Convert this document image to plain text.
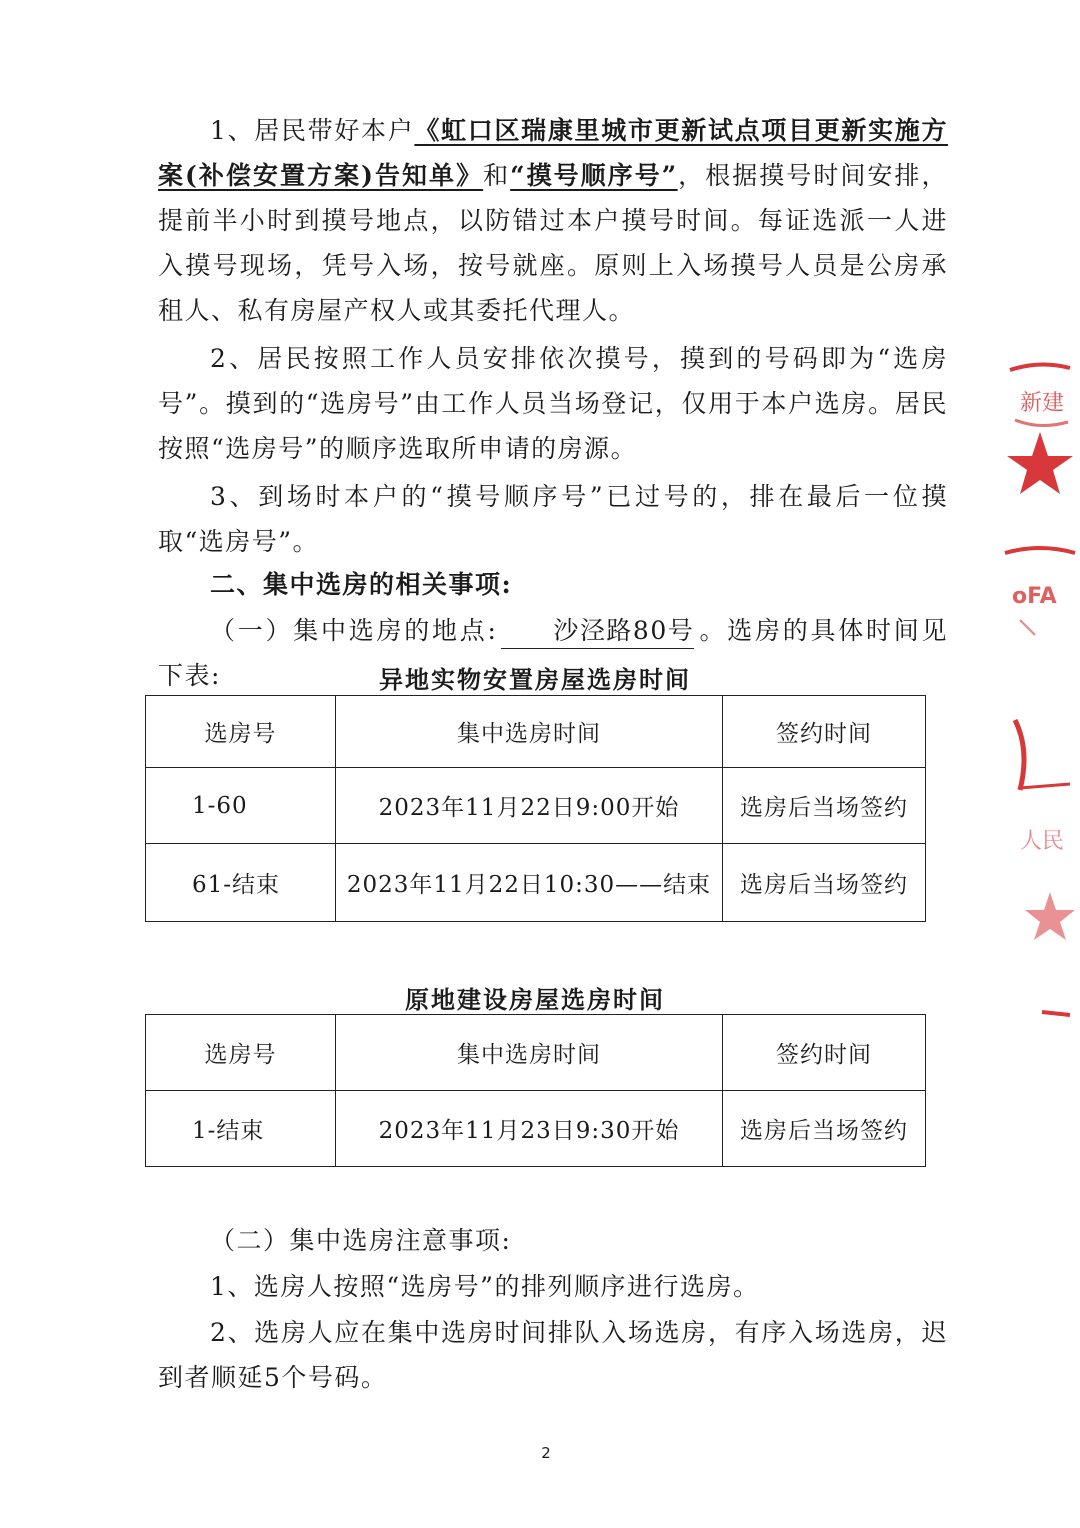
1、居民带好本户《虹口区瑞康里城市更新试点项目更新实施方案(补偿安置方案)告知单》和“摸号顺序号”，根据摸号时间安排，提前半小时到摸号地点，以防错过本户摸号时间。每证选派一人进入摸号现场，凭号入场，按号就座。原则上入场摸号人员是公房承租人、私有房屋产权人或其委托代理人。

2、居民按照工作人员安排依次摸号，摸到的号码即为“选房号”。摸到的“选房号”由工作人员当场登记，仅用于本户选房。居民按照“选房号”的顺序选取所申请的房源。

3、到场时本户的“摸号顺序号”已过号的，排在最后一位摸取“选房号”。

二、集中选房的相关事项:

（一）集中选房的地点: 沙泾路80号 。选房的具体时间见下表:	异地实物安置房屋选房时间
选房号	集中选房时间	签约时间
1-60	2023年11月22日9:00开始	选房后当场签约
61-结束	2023年11月22日10:30——结束	选房后当场签约
原地建设房屋选房时间
选房号	集中选房时间	签约时间
1-结束	2023年11月23日9:30开始	选房后当场签约

（二）集中选房注意事项:

1、选房人按照“选房号”的排列顺序进行选房。

2、选房人应在集中选房时间排队入场选房，有序入场选房，迟到者顺延5个号码。

2
新建
oFA
人民
